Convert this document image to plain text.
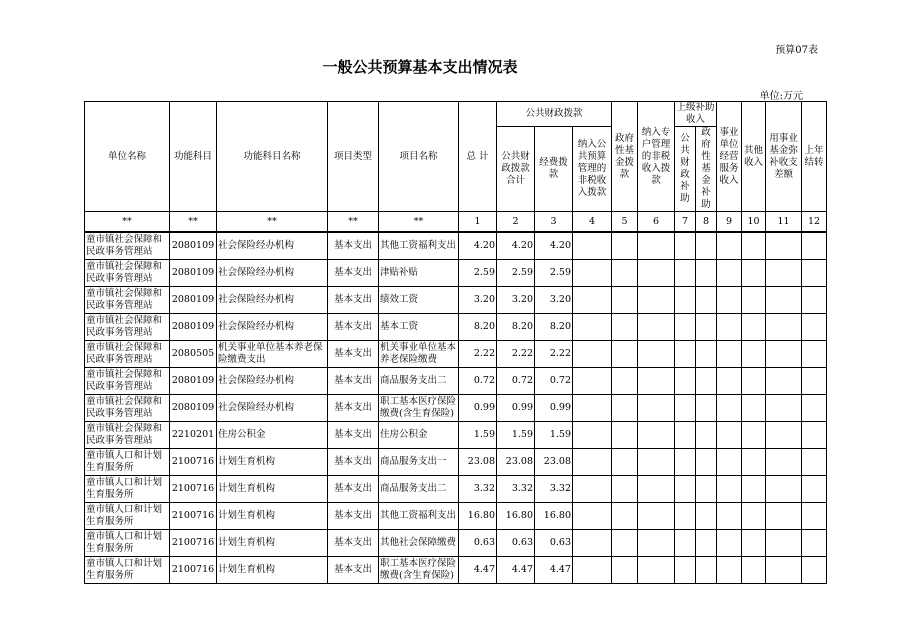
预算07表
一般公共预算基本支出情况表
单位:万元
单位名称	功能科目	功能科目名称	项目类型	项目名称	总 计	公共财政拨款			政府性基金拨款	纳入专户管理的非税收入拨款	上级补助收入		事业单位经营服务收入	其他收入	用事业基金弥补收支差额	上年结转
						公共财政拨款合计	经费拨款	纳入公共预算管理的非税收入拨款			公共财政补助	政府性基金补助				
**	**	**	**	**	1	2	3	4	5	6	7	8	9	10	11	12
童市镇社会保障和民政事务管理站	2080109	社会保险经办机构	基本支出	其他工资福利支出	4.20	4.20	4.20									
童市镇社会保障和民政事务管理站	2080109	社会保险经办机构	基本支出	津贴补贴	2.59	2.59	2.59									
童市镇社会保障和民政事务管理站	2080109	社会保险经办机构	基本支出	绩效工资	3.20	3.20	3.20									
童市镇社会保障和民政事务管理站	2080109	社会保险经办机构	基本支出	基本工资	8.20	8.20	8.20									
童市镇社会保障和民政事务管理站	2080505	机关事业单位基本养老保险缴费支出	基本支出	机关事业单位基本养老保险缴费	2.22	2.22	2.22									
童市镇社会保障和民政事务管理站	2080109	社会保险经办机构	基本支出	商品服务支出二	0.72	0.72	0.72									
童市镇社会保障和民政事务管理站	2080109	社会保险经办机构	基本支出	职工基本医疗保险缴费(含生育保险)	0.99	0.99	0.99									
童市镇社会保障和民政事务管理站	2210201	住房公积金	基本支出	住房公积金	1.59	1.59	1.59									
童市镇人口和计划生育服务所	2100716	计划生育机构	基本支出	商品服务支出一	23.08	23.08	23.08									
童市镇人口和计划生育服务所	2100716	计划生育机构	基本支出	商品服务支出二	3.32	3.32	3.32									
童市镇人口和计划生育服务所	2100716	计划生育机构	基本支出	其他工资福利支出	16.80	16.80	16.80									
童市镇人口和计划生育服务所	2100716	计划生育机构	基本支出	其他社会保障缴费	0.63	0.63	0.63									
童市镇人口和计划生育服务所	2100716	计划生育机构	基本支出	职工基本医疗保险缴费(含生育保险)	4.47	4.47	4.47									
